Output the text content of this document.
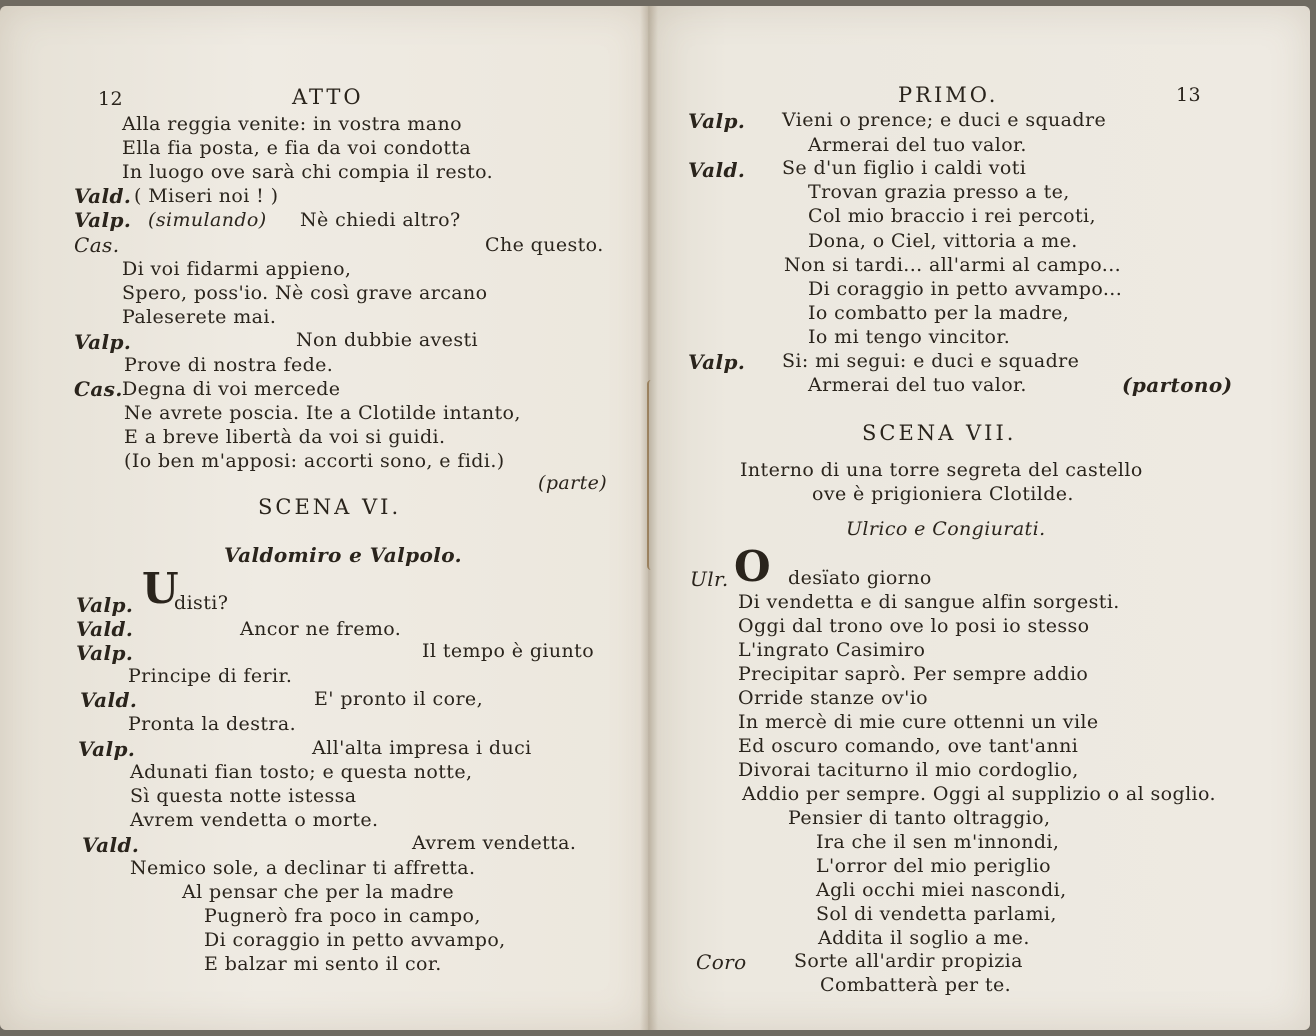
12	ATTO
Alla reggia venite: in vostra mano
Ella fia posta, e fia da voi condotta
In luogo ove sarà chi compia il resto.
Vald. ( Miseri noi ! )
Valp. (simulando) Nè chiedi altro?
Cas.	Che questo.
Di voi fidarmi appieno,
Spero, poss'io. Nè così grave arcano
Paleserete mai.
Valp.	Non dubbie avesti
Prove di nostra fede.
Cas. Degna di voi mercede
Ne avrete poscia. Ite a Clotilde intanto,
E a breve libertà da voi si guidi.
(Io ben m'apposi: accorti sono, e fidi.)
(parte)
SCENA VI.
Valdomiro e Valpolo.
Valp. U
disti?
Vald.	Ancor ne fremo.
Valp.	Il tempo è giunto
Principe di ferir.
Vald.	E' pronto il core,
Pronta la destra.
Valp.	All'alta impresa i duci
Adunati fian tosto; e questa notte,
Sì questa notte istessa
Avrem vendetta o morte.
Vald.	Avrem vendetta.
Nemico sole, a declinar ti affretta.
Al pensar che per la madre
Pugnerò fra poco in campo,
Di coraggio in petto avvampo,
E balzar mi sento il cor.
PRIMO.	13
Valp. Vieni o prence; e duci e squadre
Armerai del tuo valor.
Vald. Se d'un figlio i caldi voti
Trovan grazia presso a te,
Col mio braccio i rei percoti,
Dona, o Ciel, vittoria a me.
Non si tardi... all'armi al campo...
Di coraggio in petto avvampo...
Io combatto per la madre,
Io mi tengo vincitor.
Valp. Si: mi segui: e duci e squadre
Armerai del tuo valor.	(partono)
SCENA VII.
Interno di una torre segreta del castello
ove è prigioniera Clotilde.
Ulrico e Congiurati.
Ulr. O desïato giorno
Di vendetta e di sangue alfin sorgesti.
Oggi dal trono ove lo posi io stesso
L'ingrato Casimiro
Precipitar saprò. Per sempre addio
Orride stanze ov'io
In mercè di mie cure ottenni un vile
Ed oscuro comando, ove tant'anni
Divorai taciturno il mio cordoglio,
Addio per sempre. Oggi al supplizio o al soglio.
Pensier di tanto oltraggio,
Ira che il sen m'innondi,
L'orror del mio periglio
Agli occhi miei nascondi,
Sol di vendetta parlami,
Addita il soglio a me.
Coro Sorte all'ardir propizia
Combatterà per te.
